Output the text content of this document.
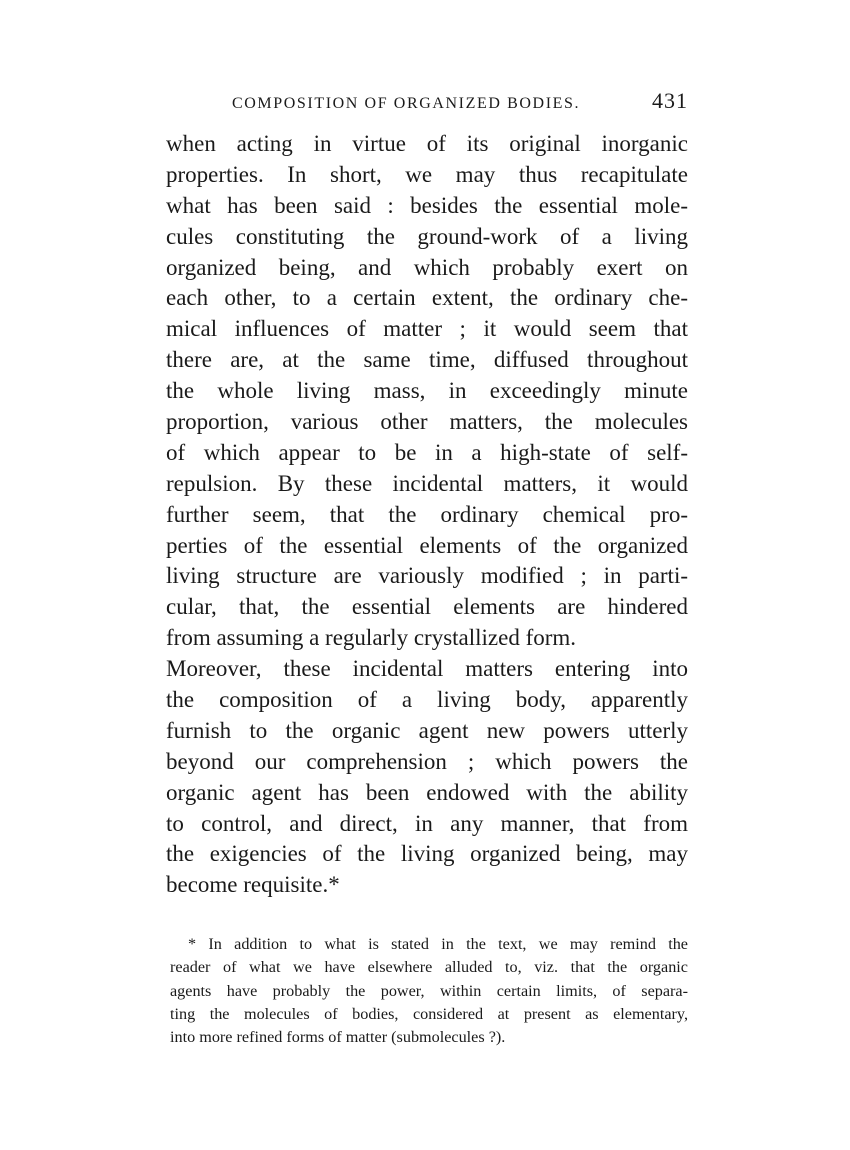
COMPOSITION OF ORGANIZED BODIES.	431
when acting in virtue of its original inorganic
properties. In short, we may thus recapitulate
what has been said : besides the essential mole-
cules constituting the ground-work of a living
organized being, and which probably exert on
each other, to a certain extent, the ordinary che-
mical influences of matter ; it would seem that
there are, at the same time, diffused throughout
the whole living mass, in exceedingly minute
proportion, various other matters, the molecules
of which appear to be in a high-state of self-
repulsion. By these incidental matters, it would
further seem, that the ordinary chemical pro-
perties of the essential elements of the organized
living structure are variously modified ; in parti-
cular, that, the essential elements are hindered
from assuming a regularly crystallized form.
Moreover, these incidental matters entering into
the composition of a living body, apparently
furnish to the organic agent new powers utterly
beyond our comprehension ; which powers the
organic agent has been endowed with the ability
to control, and direct, in any manner, that from
the exigencies of the living organized being, may
become requisite.*
* In addition to what is stated in the text, we may remind the
reader of what we have elsewhere alluded to, viz. that the organic
agents have probably the power, within certain limits, of separa-
ting the molecules of bodies, considered at present as elementary,
into more refined forms of matter (submolecules ?).
